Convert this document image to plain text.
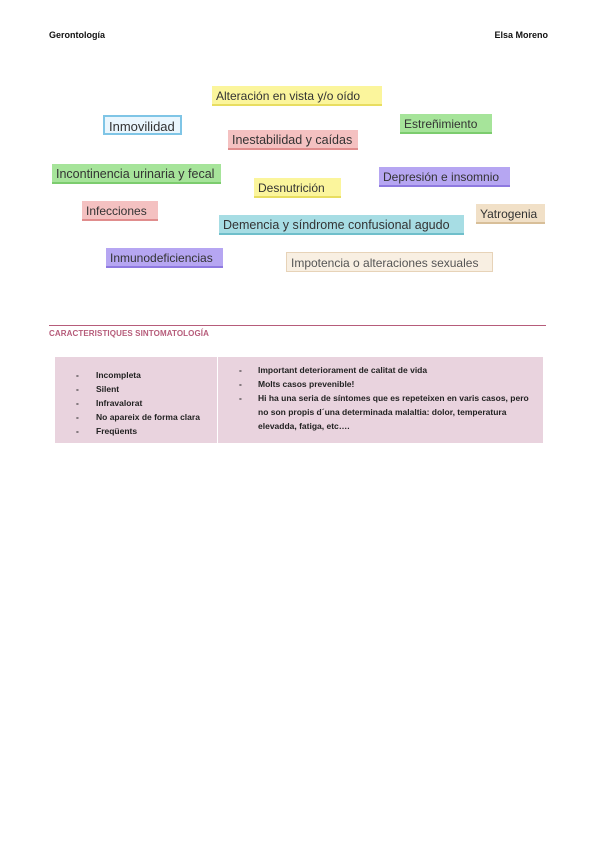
Gerontología	Elsa Moreno
Alteración en vista y/o oído
Inmovilidad	Estreñimiento
Inestabilidad y caídas
Incontinencia urinaria y fecal
Desnutrición
Depresión e insomnio
Infecciones	Yatrogenia
Demencia y síndrome confusional agudo
Inmunodeficiencias	Impotencia o alteraciones sexuales
CARACTERISTIQUES SINTOMATOLOGÍA
- Incompleta
- Silent
- Infravalorat
- No apareix de forma clara
- Freqüents
- Important deteriorament de calitat de vida
- Molts casos prevenible!
- Hi ha una seria de síntomes que es repeteixen en varis casos, pero no son propis d´una determinada malaltia: dolor, temperatura elevadda, fatiga, etc….
